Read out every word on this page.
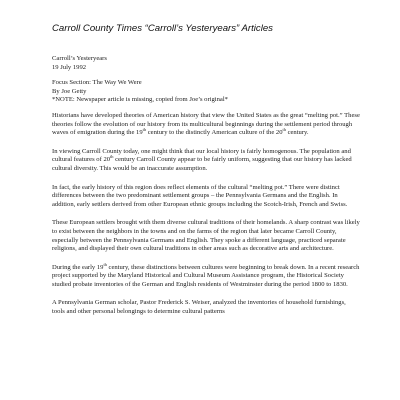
Carroll County Times “Carroll’s Yesteryears” Articles
Carroll’s Yesteryears
19 July 1992
Focus Section: The Way We Were
By Joe Getty
*NOTE: Newspaper article is missing, copied from Joe’s original*

Historians have developed theories of American history that view the United States as the great “melting pot.” These theories follow the evolution of our history from its multicultural beginnings during the settlement period through waves of emigration during the 19th century to the distinctly American culture of the 20th century.

In viewing Carroll County today, one might think that our local history is fairly homogenous. The population and cultural features of 20th century Carroll County appear to be fairly uniform, suggesting that our history has lacked cultural diversity. This would be an inaccurate assumption.

In fact, the early history of this region does reflect elements of the cultural “melting pot.” There were distinct differences between the two predominant settlement groups – the Pennsylvania Germans and the English. In addition, early settlers derived from other European ethnic groups including the Scotch-Irish, French and Swiss.

These European settlers brought with them diverse cultural traditions of their homelands. A sharp contrast was likely to exist between the neighbors in the towns and on the farms of the region that later became Carroll County, especially between the Pennsylvania Germans and English. They spoke a different language, practiced separate religions, and displayed their own cultural traditions in other areas such as decorative arts and architecture.

During the early 19th century, these distinctions between cultures were beginning to break down. In a recent research project supported by the Maryland Historical and Cultural Museum Assistance program, the Historical Society studied probate inventories of the German and English residents of Westminster during the period 1800 to 1830.

A Pennsylvania German scholar, Pastor Frederick S. Weiser, analyzed the inventories of household furnishings, tools and other personal belongings to determine cultural patterns
